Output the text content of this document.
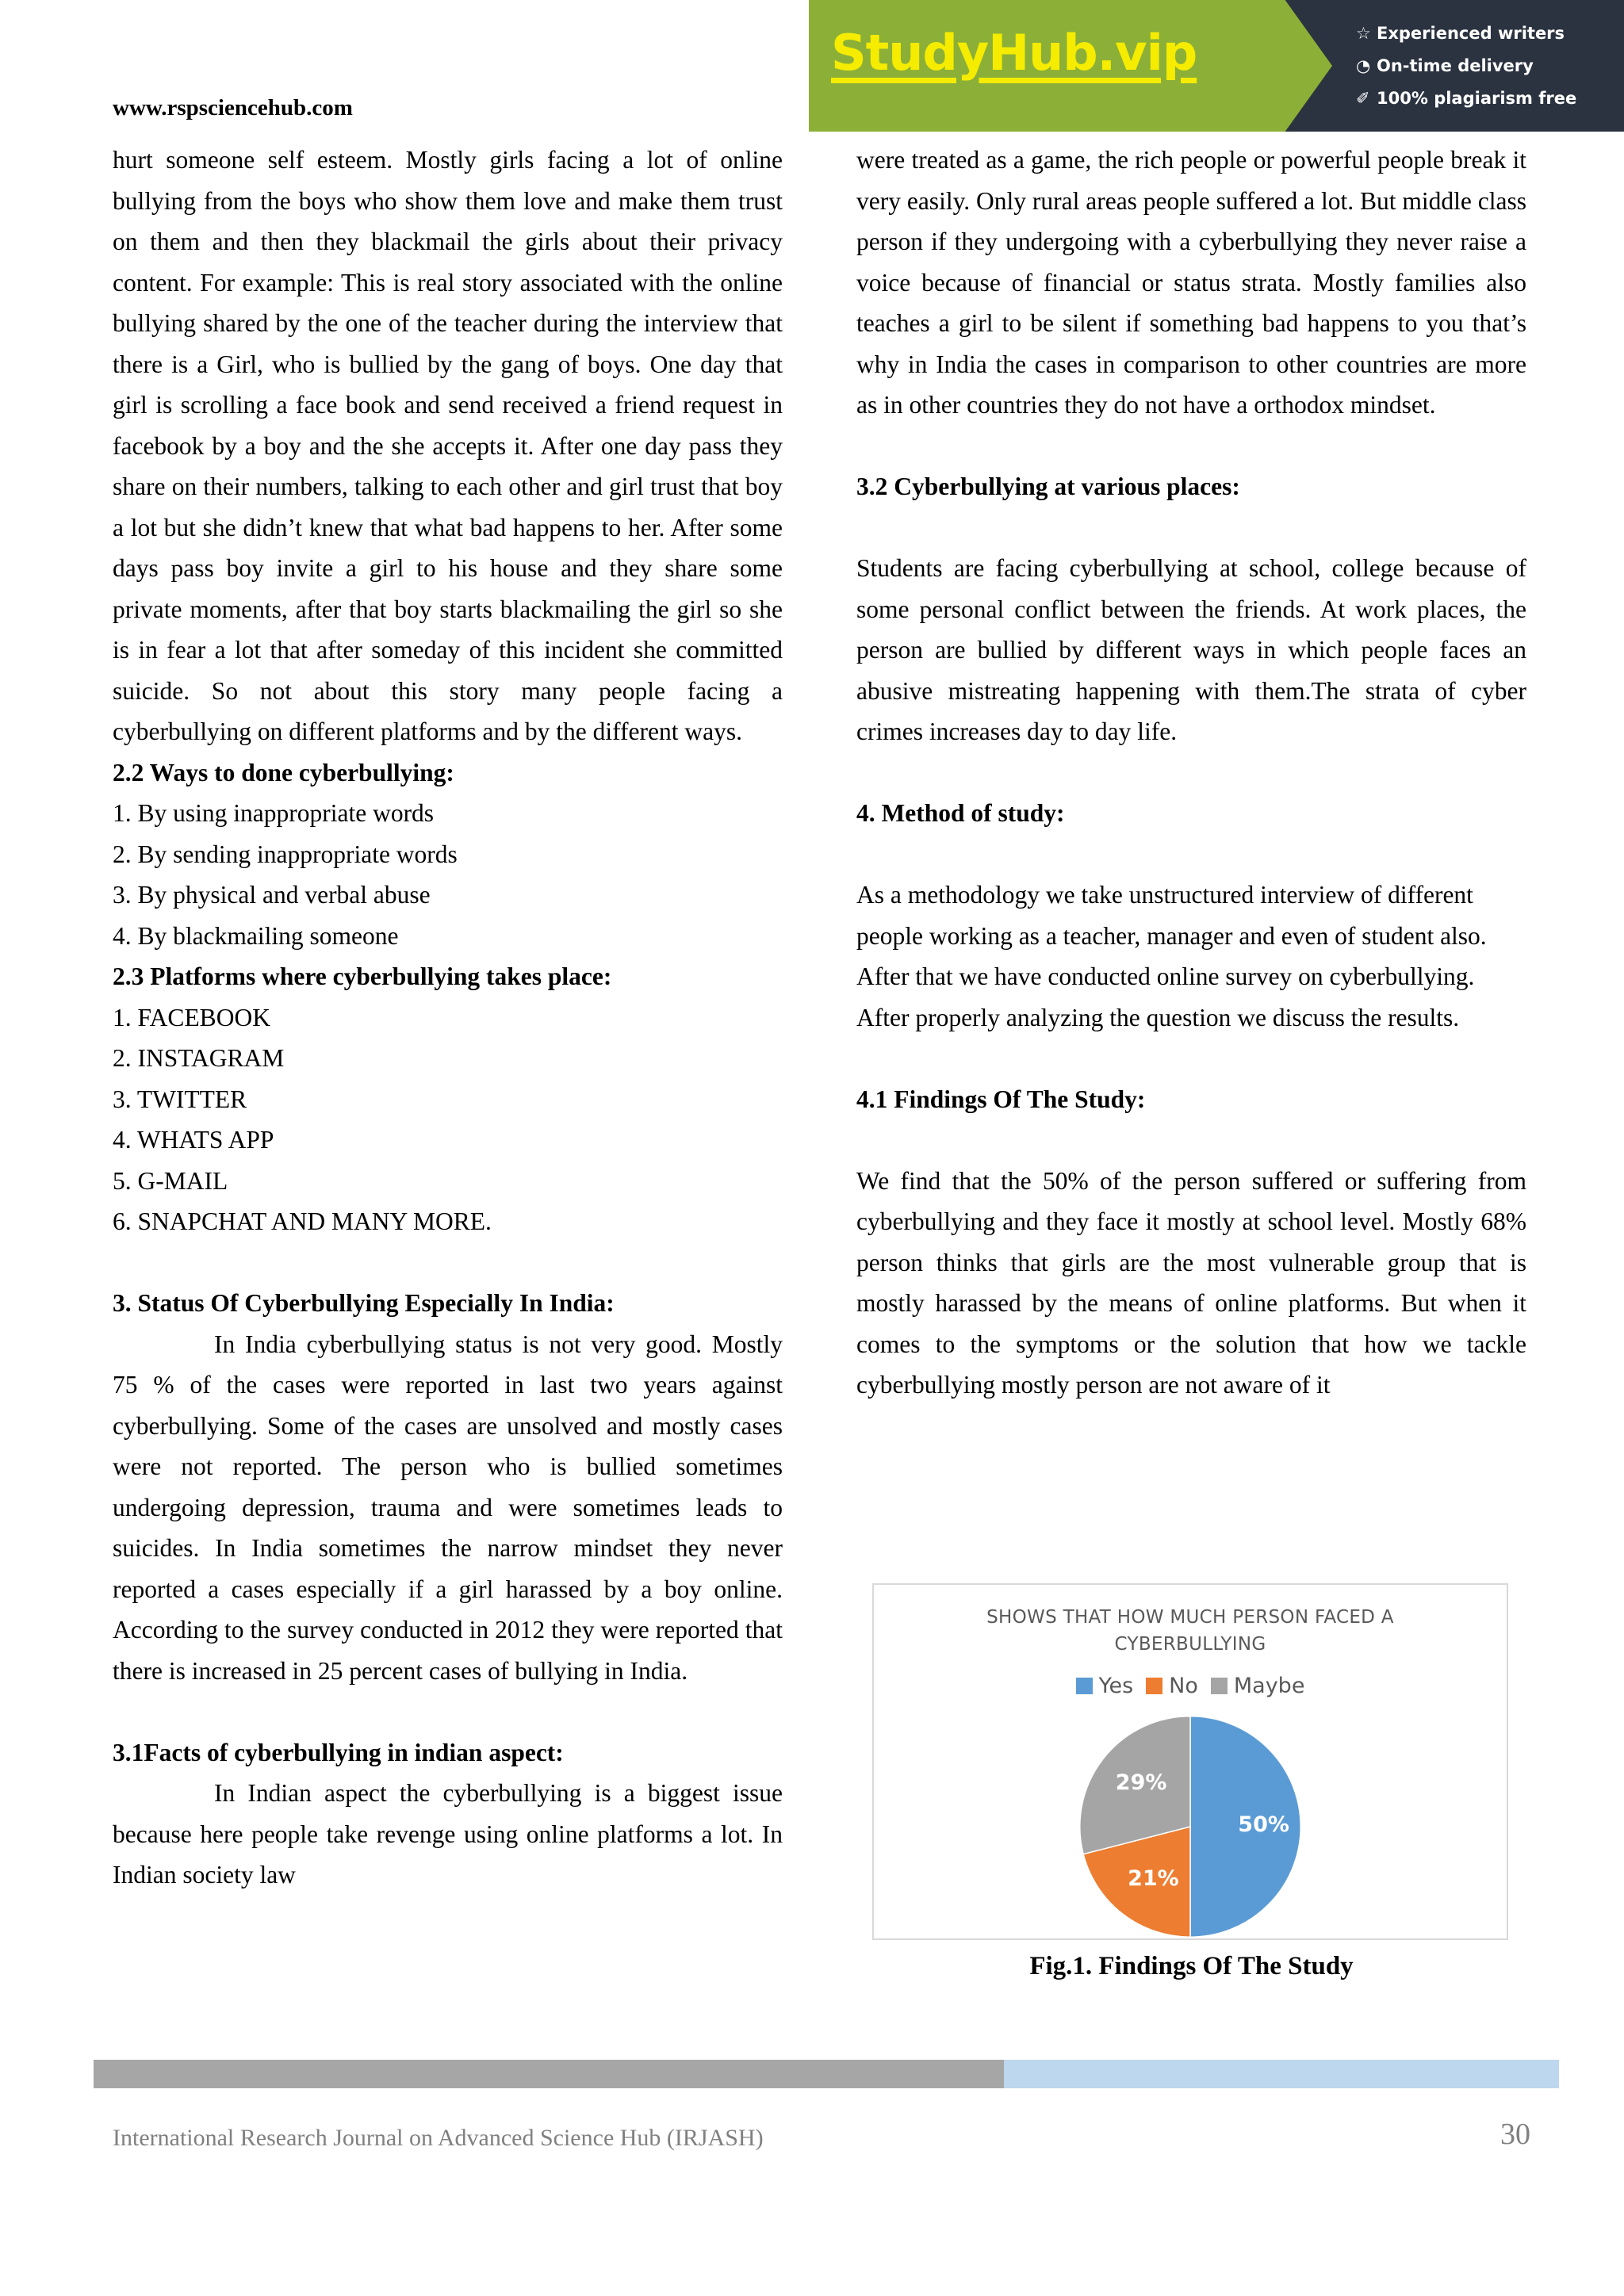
StudyHub.vip	☆ Experienced writers
◔ On-time delivery
✐ 100% plagiarism free
www.rspsciencehub.com

hurt someone self esteem. Mostly girls facing a lot of online bullying from the boys who show them love and make them trust on them and then they blackmail the girls about their privacy content. For example: This is real story associated with the online bullying shared by the one of the teacher during the interview that there is a Girl, who is bullied by the gang of boys. One day that girl is scrolling a face book and send received a friend request in facebook by a boy and the she accepts it. After one day pass they share on their numbers, talking to each other and girl trust that boy a lot but she didn’t knew that what bad happens to her. After some days pass boy invite a girl to his house and they share some private moments, after that boy starts blackmailing the girl so she is in fear a lot that after someday of this incident she committed suicide. So not about this story many people facing a cyberbullying on different platforms and by the different ways.

2.2 Ways to done cyberbullying:

1. By using inappropriate words

2. By sending inappropriate words

3. By physical and verbal abuse

4. By blackmailing someone

2.3 Platforms where cyberbullying takes place:

1. FACEBOOK

2. INSTAGRAM

3. TWITTER

4. WHATS APP

5. G-MAIL

6. SNAPCHAT AND MANY MORE.

3. Status Of Cyberbullying Especially In India:

In India cyberbullying status is not very good. Mostly 75 % of the cases were reported in last two years against cyberbullying. Some of the cases are unsolved and mostly cases were not reported. The person who is bullied sometimes undergoing depression, trauma and were sometimes leads to suicides. In India sometimes the narrow mindset they never reported a cases especially if a girl harassed by a boy online. According to the survey conducted in 2012 they were reported that there is increased in 25 percent cases of bullying in India.

3.1Facts of cyberbullying in indian aspect:

In Indian aspect the cyberbullying is a biggest issue because here people take revenge using online platforms a lot. In Indian society law

were treated as a game, the rich people or powerful people break it very easily. Only rural areas people suffered a lot. But middle class person if they undergoing with a cyberbullying they never raise a voice because of financial or status strata. Mostly families also teaches a girl to be silent if something bad happens to you that’s why in India the cases in comparison to other countries are more as in other countries they do not have a orthodox mindset.

3.2 Cyberbullying at various places:

Students are facing cyberbullying at school, college because of some personal conflict between the friends. At work places, the person are bullied by different ways in which people faces an abusive mistreating happening with them.The strata of cyber crimes increases day to day life.

4. Method of study:

As a methodology we take unstructured interview of different people working as a teacher, manager and even of student also. After that we have conducted online survey on cyberbullying. After properly analyzing the question we discuss the results.

4.1 Findings Of The Study:

We find that the 50% of the person suffered or suffering from cyberbullying and they face it mostly at school level. Mostly 68% person thinks that girls are the most vulnerable group that is mostly harassed by the means of online platforms. But when it comes to the symptoms or the solution that how we tackle cyberbullying mostly person are not aware of it

SHOWS THAT HOW MUCH PERSON FACED A
CYBERBULLYING
Yes No Maybe
50%
21%
29%
Fig.1. Findings Of The Study
International Research Journal on Advanced Science Hub (IRJASH)	30
